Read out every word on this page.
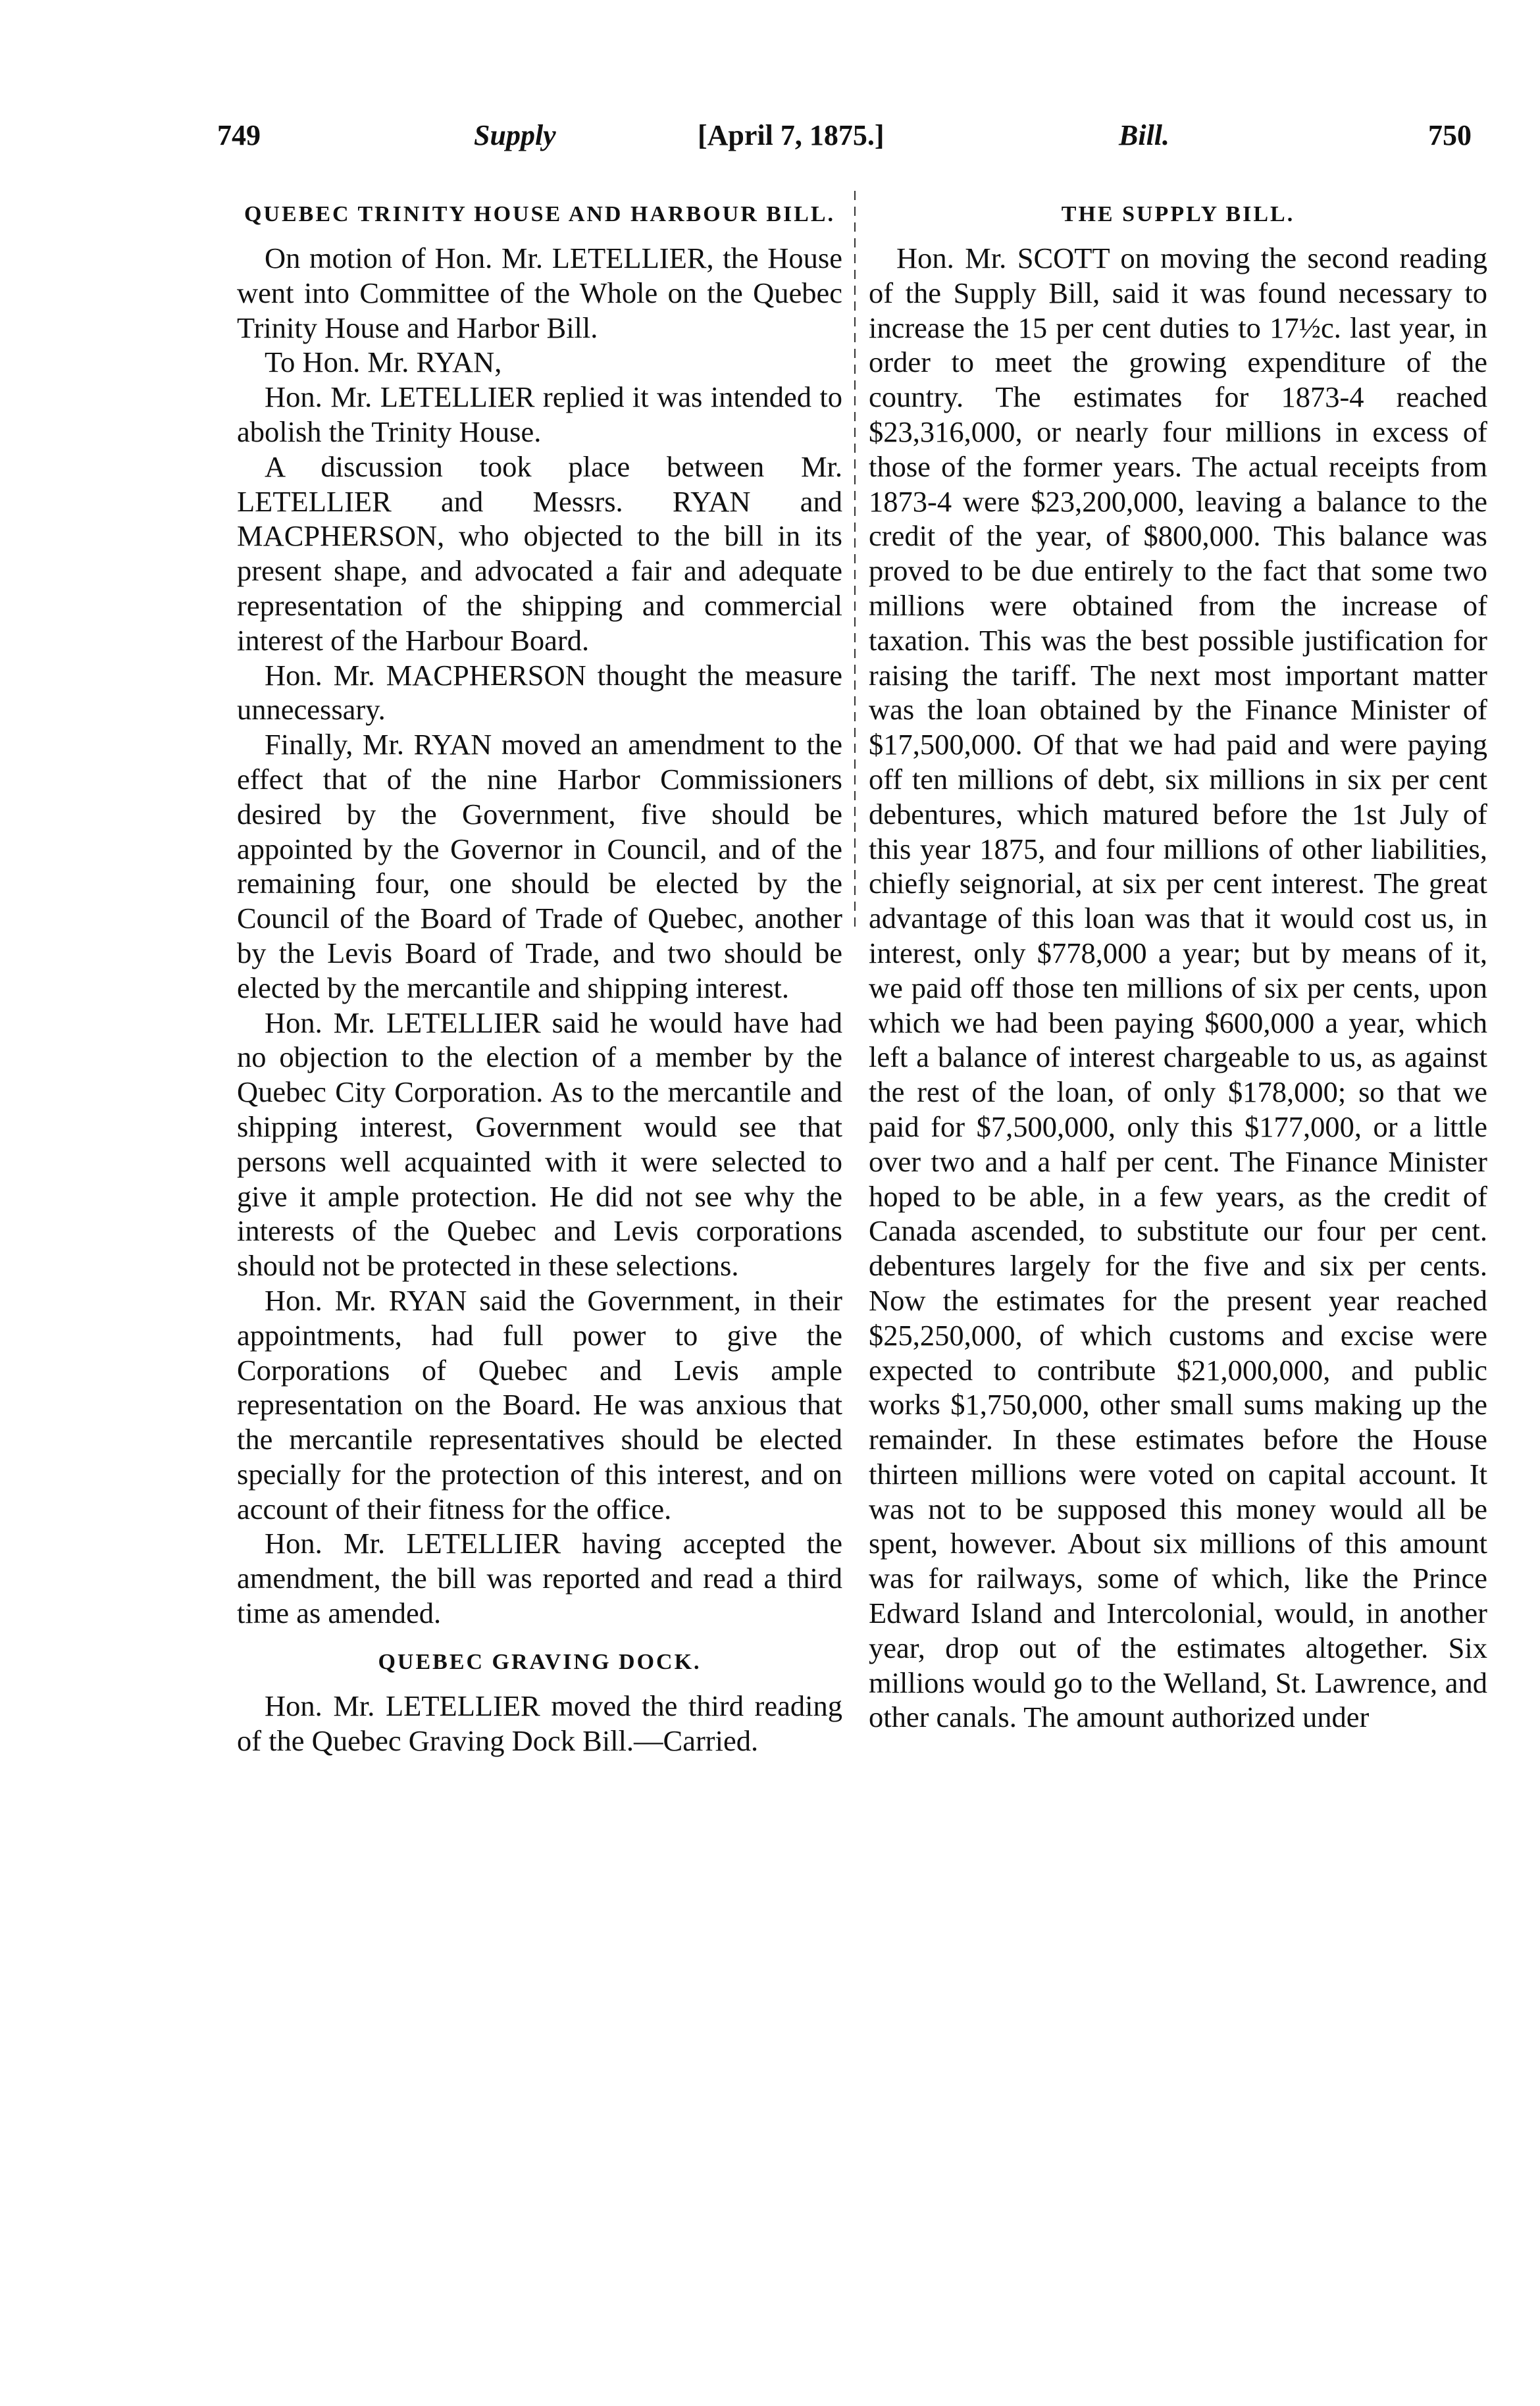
749	Supply	[April 7, 1875.]	Bill.	750
QUEBEC TRINITY HOUSE AND HARBOUR BILL.

On motion of Hon. Mr. LETELLIER, the House went into Committee of the Whole on the Quebec Trinity House and Harbor Bill.

To Hon. Mr. RYAN,

Hon. Mr. LETELLIER replied it was intended to abolish the Trinity House.

A discussion took place between Mr. LETELLIER and Messrs. RYAN and MACPHERSON, who objected to the bill in its present shape, and advocated a fair and adequate representation of the shipping and commercial interest of the Harbour Board.

Hon. Mr. MACPHERSON thought the measure unnecessary.

Finally, Mr. RYAN moved an amendment to the effect that of the nine Harbor Commissioners desired by the Government, five should be appointed by the Governor in Council, and of the remaining four, one should be elected by the Council of the Board of Trade of Quebec, another by the Levis Board of Trade, and two should be elected by the mercantile and shipping interest.

Hon. Mr. LETELLIER said he would have had no objection to the election of a member by the Quebec City Corporation. As to the mercantile and shipping interest, Government would see that persons well acquainted with it were selected to give it ample protection. He did not see why the interests of the Quebec and Levis corporations should not be protected in these selections.

Hon. Mr. RYAN said the Government, in their appointments, had full power to give the Corporations of Quebec and Levis ample representation on the Board. He was anxious that the mercantile representatives should be elected specially for the protection of this interest, and on account of their fitness for the office.

Hon. Mr. LETELLIER having accepted the amendment, the bill was reported and read a third time as amended.

QUEBEC GRAVING DOCK.

Hon. Mr. LETELLIER moved the third reading of the Quebec Graving Dock Bill.—Carried.

THE SUPPLY BILL.

Hon. Mr. SCOTT on moving the second reading of the Supply Bill, said it was found necessary to increase the 15 per cent duties to 17½c. last year, in order to meet the growing expenditure of the country. The estimates for 1873-4 reached $23,316,000, or nearly four millions in excess of those of the former years. The actual receipts from 1873-4 were $23,200,000, leaving a balance to the credit of the year, of $800,000. This balance was proved to be due entirely to the fact that some two millions were obtained from the increase of taxation. This was the best possible justification for raising the tariff. The next most important matter was the loan obtained by the Finance Minister of $17,500,000. Of that we had paid and were paying off ten millions of debt, six millions in six per cent debentures, which matured before the 1st July of this year 1875, and four millions of other liabilities, chiefly seignorial, at six per cent interest. The great advantage of this loan was that it would cost us, in interest, only $778,000 a year; but by means of it, we paid off those ten millions of six per cents, upon which we had been paying $600,000 a year, which left a balance of interest chargeable to us, as against the rest of the loan, of only $178,000; so that we paid for $7,500,000, only this $177,000, or a little over two and a half per cent. The Finance Minister hoped to be able, in a few years, as the credit of Canada ascended, to substitute our four per cent. debentures largely for the five and six per cents. Now the estimates for the present year reached $25,250,000, of which customs and excise were expected to contribute $21,000,000, and public works $1,750,000, other small sums making up the remainder. In these estimates before the House thirteen millions were voted on capital account. It was not to be supposed this money would all be spent, however. About six millions of this amount was for railways, some of which, like the Prince Edward Island and Intercolonial, would, in another year, drop out of the estimates altogether. Six millions would go to the Welland, St. Lawrence, and other canals. The amount authorized under
